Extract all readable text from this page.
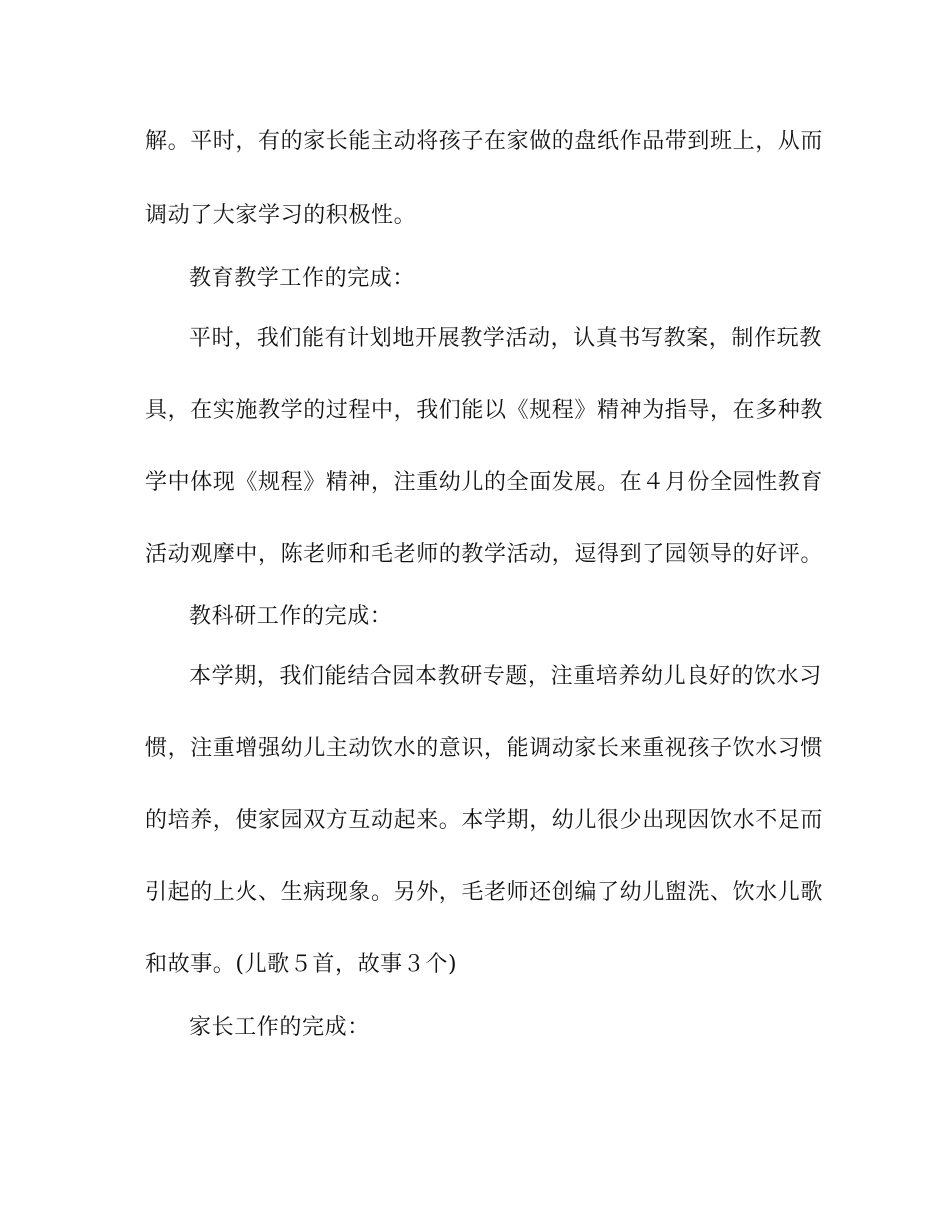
解。平时，有的家长能主动将孩子在家做的盘纸作品带到班上，从而
调动了大家学习的积极性。
教育教学工作的完成：
平时，我们能有计划地开展教学活动，认真书写教案，制作玩教
具，在实施教学的过程中，我们能以《规程》精神为指导，在多种教
学中体现《规程》精神，注重幼儿的全面发展。在４月份全园性教育
活动观摩中，陈老师和毛老师的教学活动，逗得到了园领导的好评。
教科研工作的完成：
本学期，我们能结合园本教研专题，注重培养幼儿良好的饮水习
惯，注重增强幼儿主动饮水的意识，能调动家长来重视孩子饮水习惯
的培养，使家园双方互动起来。本学期，幼儿很少出现因饮水不足而
引起的上火、生病现象。另外，毛老师还创编了幼儿盥洗、饮水儿歌
和故事。(儿歌５首，故事３个)
家长工作的完成：
